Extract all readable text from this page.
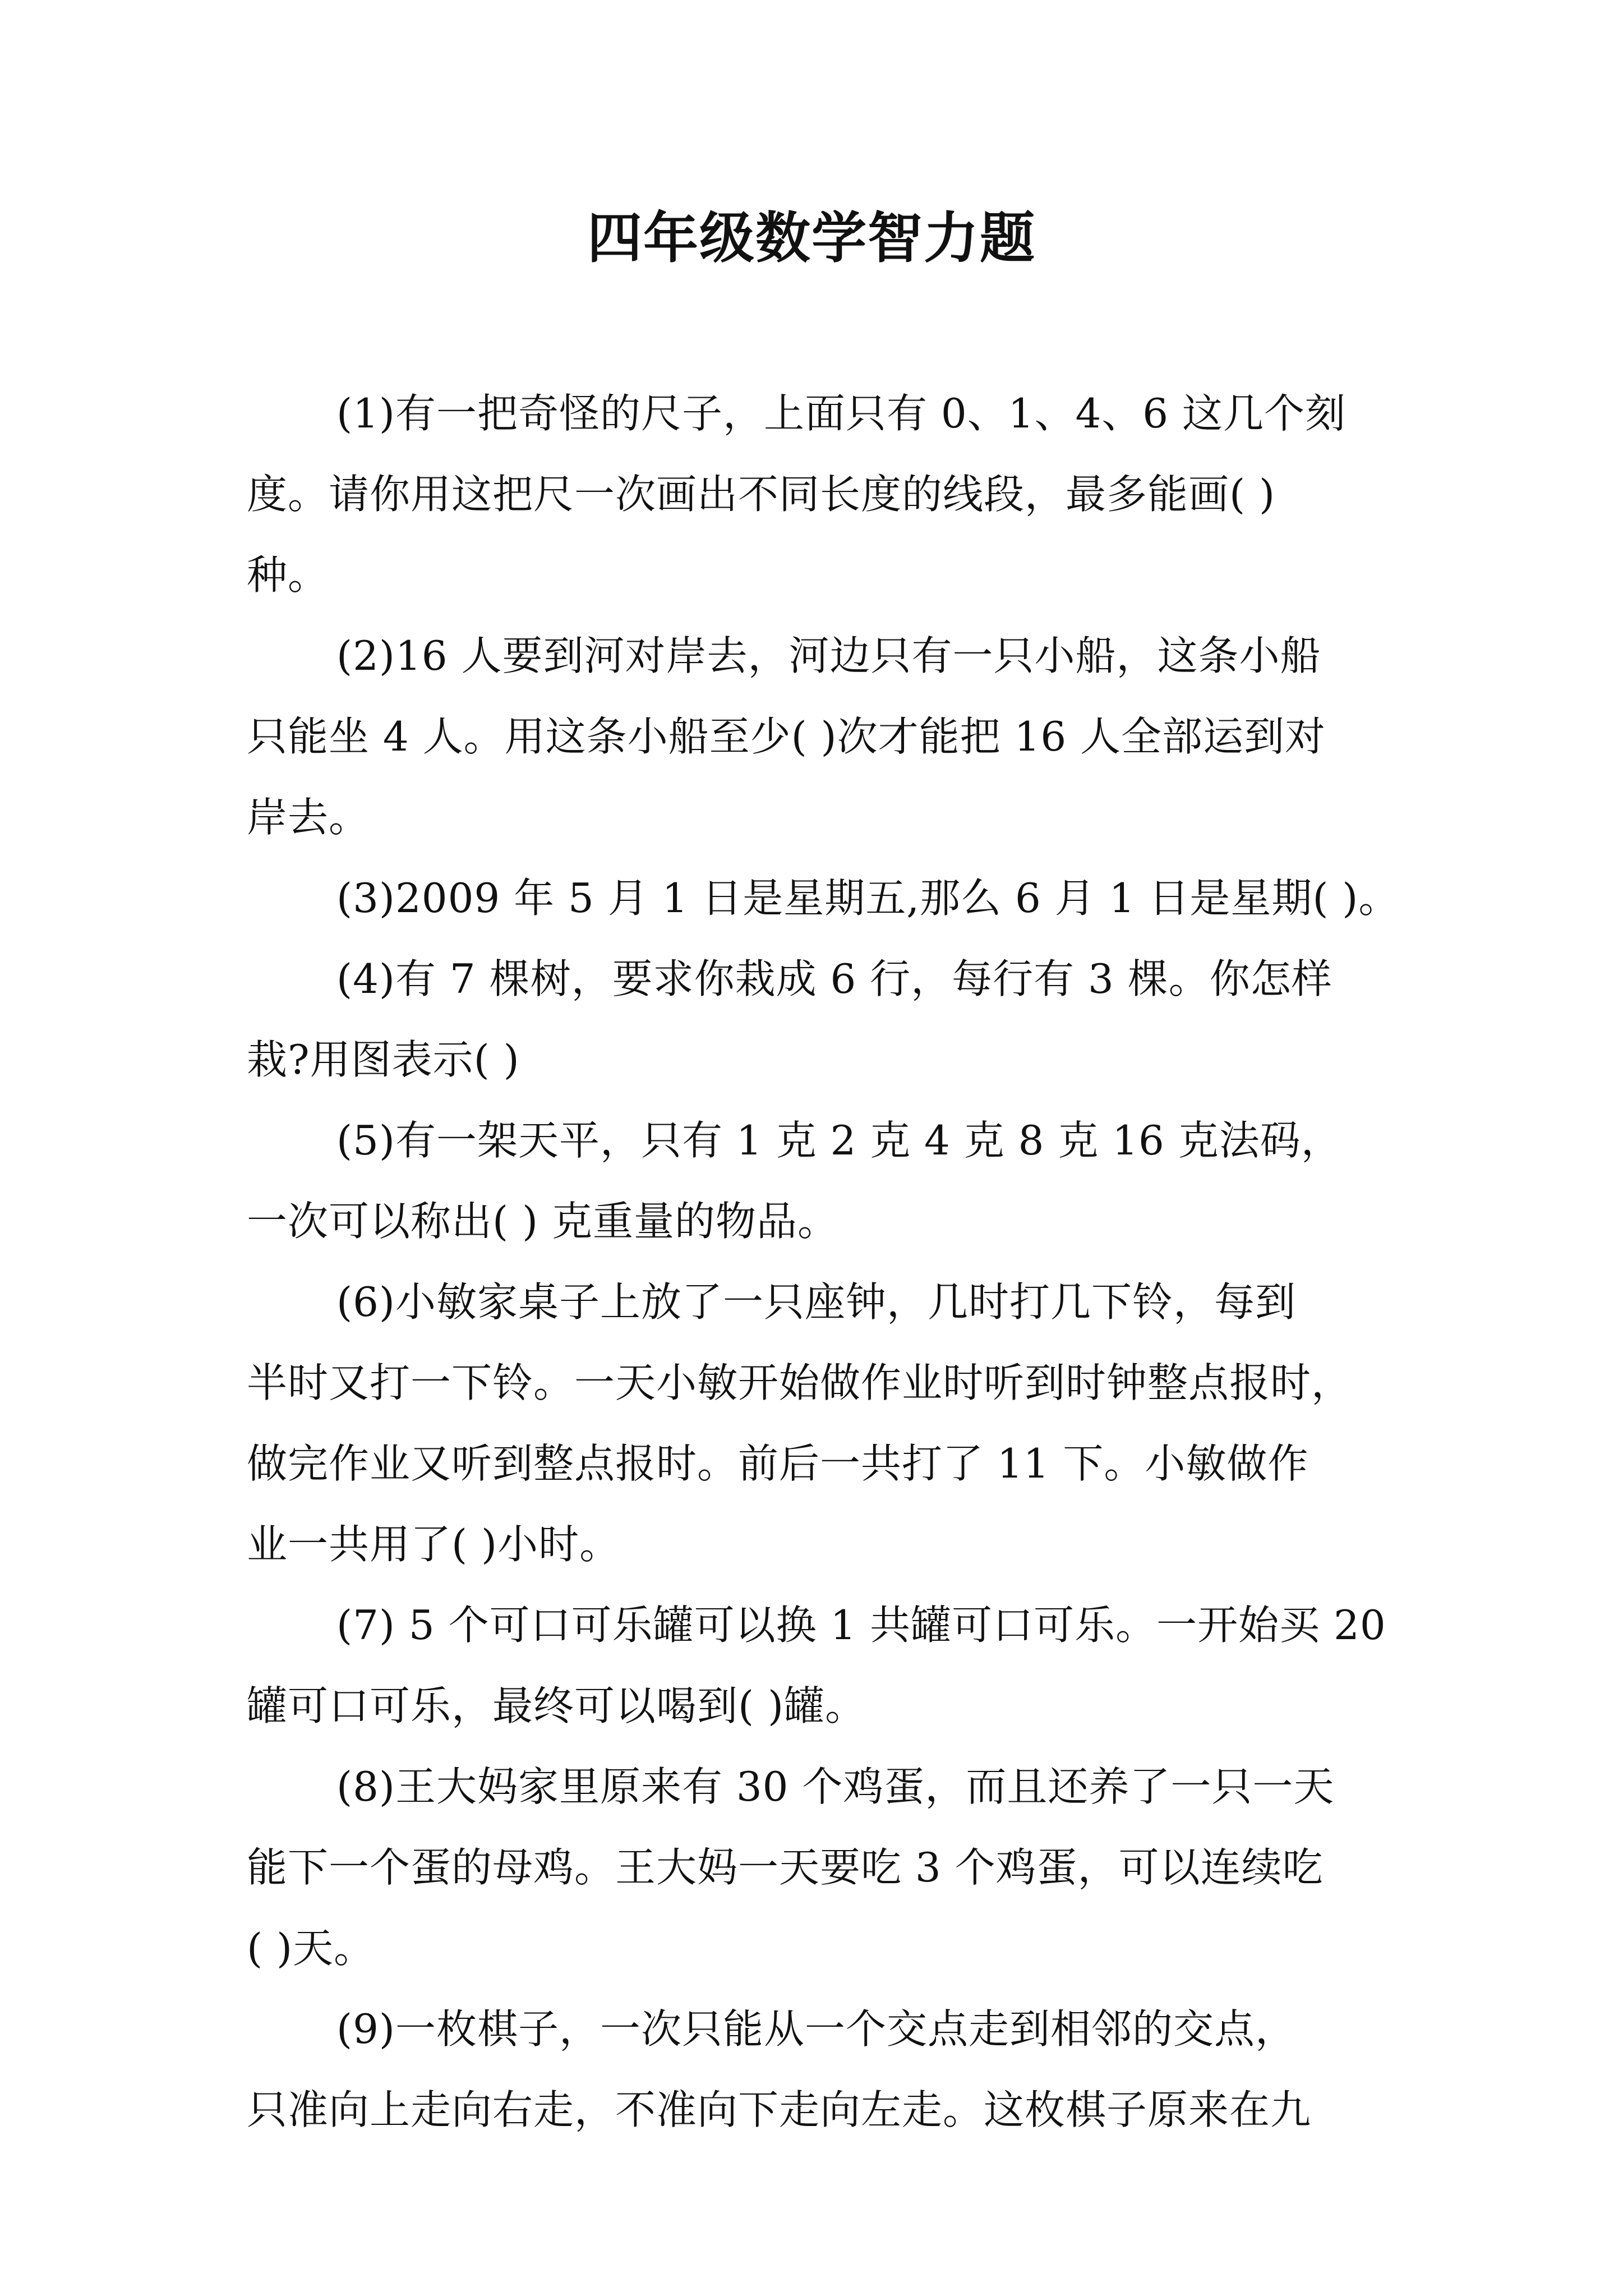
四年级数学智力题
(1)有一把奇怪的尺子，上面只有 0、1、4、6 这几个刻
度。请你用这把尺一次画出不同长度的线段，最多能画( )
种。
(2)16 人要到河对岸去，河边只有一只小船，这条小船
只能坐 4 人。用这条小船至少( )次才能把 16 人全部运到对
岸去。
(3)2009 年 5 月 1 日是星期五,那么 6 月 1 日是星期( )。
(4)有 7 棵树，要求你栽成 6 行，每行有 3 棵。你怎样
栽?用图表示( )
(5)有一架天平，只有 1 克 2 克 4 克 8 克 16 克法码，
一次可以称出( ) 克重量的物品。
(6)小敏家桌子上放了一只座钟，几时打几下铃，每到
半时又打一下铃。一天小敏开始做作业时听到时钟整点报时，
做完作业又听到整点报时。前后一共打了 11 下。小敏做作
业一共用了( )小时。
(7) 5 个可口可乐罐可以换 1 共罐可口可乐。一开始买 20
罐可口可乐，最终可以喝到( )罐。
(8)王大妈家里原来有 30 个鸡蛋，而且还养了一只一天
能下一个蛋的母鸡。王大妈一天要吃 3 个鸡蛋，可以连续吃
( )天。
(9)一枚棋子，一次只能从一个交点走到相邻的交点，
只准向上走向右走，不准向下走向左走。这枚棋子原来在九
